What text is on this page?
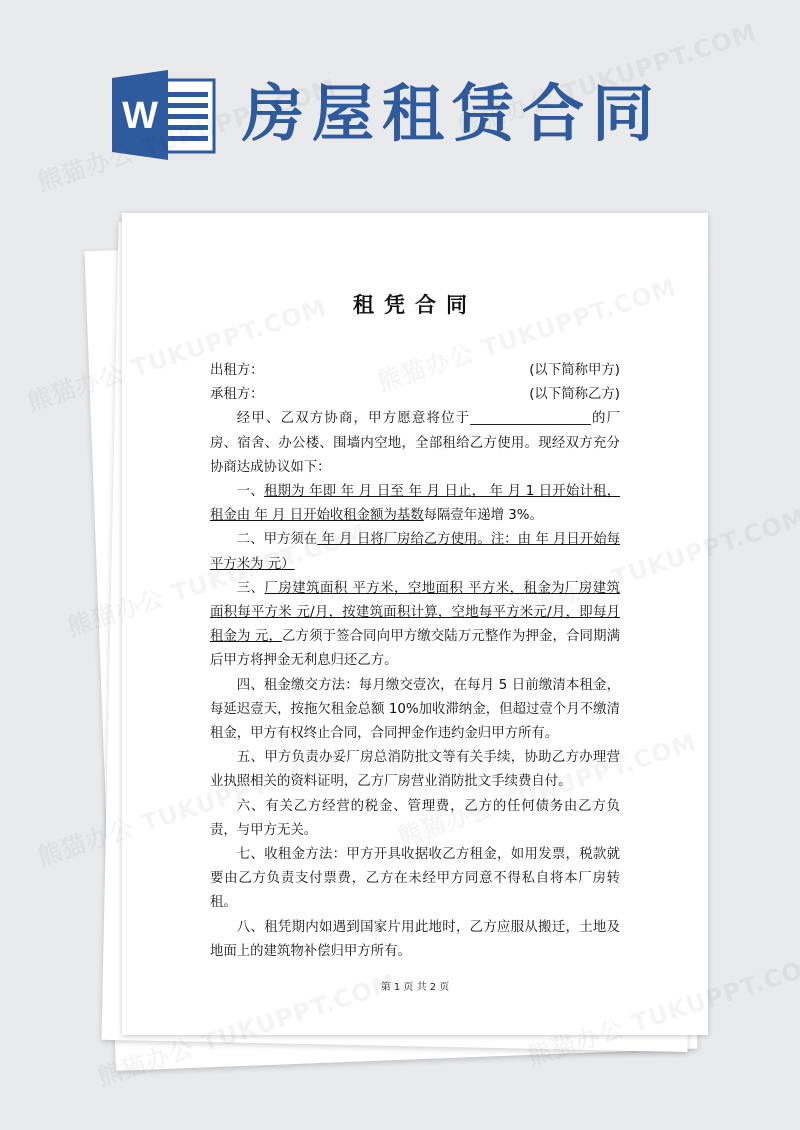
W 房屋租赁合同
租凭合同
出租方：	(以下简称甲方)
承租方：	(以下简称乙方)

经甲、乙双方协商，甲方愿意将位于__________________的厂房、宿舍、办公楼、围墙内空地，全部租给乙方使用。现经双方充分协商达成协议如下：

一、租期为 年即 年 月 日至 年 月 日止， 年 月 1 日开始计租，租金由 年 月 日开始收租金额为基数每隔壹年递增 3%。

二、甲方须在 年 月 日将厂房给乙方使用。注：由 年 月日开始每平方米为 元）

三、厂房建筑面积 平方米，空地面积 平方米，租金为厂房建筑面积每平方米 元/月，按建筑面积计算，空地每平方米元/月，即每月租金为 元，乙方须于签合同向甲方缴交陆万元整作为押金，合同期满后甲方将押金无利息归还乙方。

四、租金缴交方法：每月缴交壹次，在每月 5 日前缴清本租金，每延迟壹天，按拖欠租金总额 10%加收滞纳金，但超过壹个月不缴清租金，甲方有权终止合同，合同押金作违约金归甲方所有。

五、甲方负责办妥厂房总消防批文等有关手续，协助乙方办理营业执照相关的资料证明，乙方厂房营业消防批文手续费自付。

六、有关乙方经营的税金、管理费，乙方的任何债务由乙方负责，与甲方无关。

七、收租金方法：甲方开具收据收乙方租金，如用发票，税款就要由乙方负责支付票费，乙方在未经甲方同意不得私自将本厂房转租。

八、租凭期内如遇到国家片用此地时，乙方应服从搬迁，土地及地面上的建筑物补偿归甲方所有。

第 1 页 共 2 页
